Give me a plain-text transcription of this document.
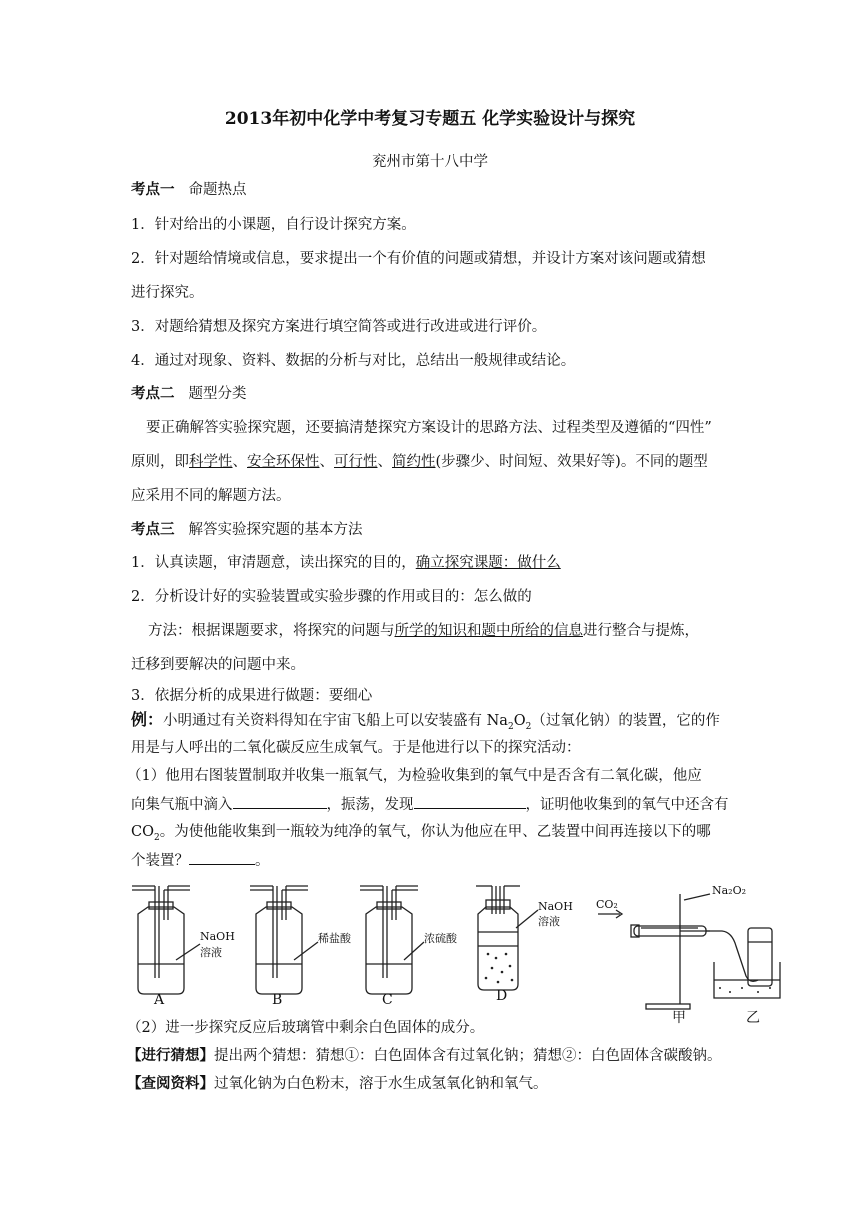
2013年初中化学中考复习专题五 化学实验设计与探究
兖州市第十八中学
考点一 命题热点
1．针对给出的小课题，自行设计探究方案。
2．针对题给情境或信息，要求提出一个有价值的问题或猜想，并设计方案对该问题或猜想
进行探究。
3．对题给猜想及探究方案进行填空简答或进行改进或进行评价。
4．通过对现象、资料、数据的分析与对比，总结出一般规律或结论。
考点二 题型分类
要正确解答实验探究题，还要搞清楚探究方案设计的思路方法、过程类型及遵循的“四性”
原则，即科学性、安全环保性、可行性、简约性(步骤少、时间短、效果好等)。不同的题型
应采用不同的解题方法。
考点三 解答实验探究题的基本方法
1．认真读题，审清题意，读出探究的目的，确立探究课题：做什么
2．分析设计好的实验装置或实验步骤的作用或目的：怎么做的
方法：根据课题要求，将探究的问题与所学的知识和题中所给的信息进行整合与提炼，
迁移到要解决的问题中来。
3．依据分析的成果进行做题：要细心
例：小明通过有关资料得知在宇宙飞船上可以安装盛有 $Na_2O_2$（过氧化钠）的装置，它的作
用是与人呼出的二氧化碳反应生成氧气。于是他进行以下的探究活动：
（1）他用右图装置制取并收集一瓶氧气，为检验收集到的氧气中是否含有二氧化碳，他应
向集气瓶中滴入	，振荡，发现	，证明他收集到的氧气中还含有
$CO_2$。为使他能收集到一瓶较为纯净的氧气，你认为他应在甲、乙装置中间再连接以下的哪
个装置？	。
NaOH
溶液
稀盐酸	浓硫酸
NaOH
溶液
CO₂
Na₂O₂
A	B	C	D
甲	乙
（2）进一步探究反应后玻璃管中剩余白色固体的成分。
【进行猜想】提出两个猜想：猜想①：白色固体含有过氧化钠；猜想②：白色固体含碳酸钠。
【查阅资料】过氧化钠为白色粉末，溶于水生成氢氧化钠和氧气。
